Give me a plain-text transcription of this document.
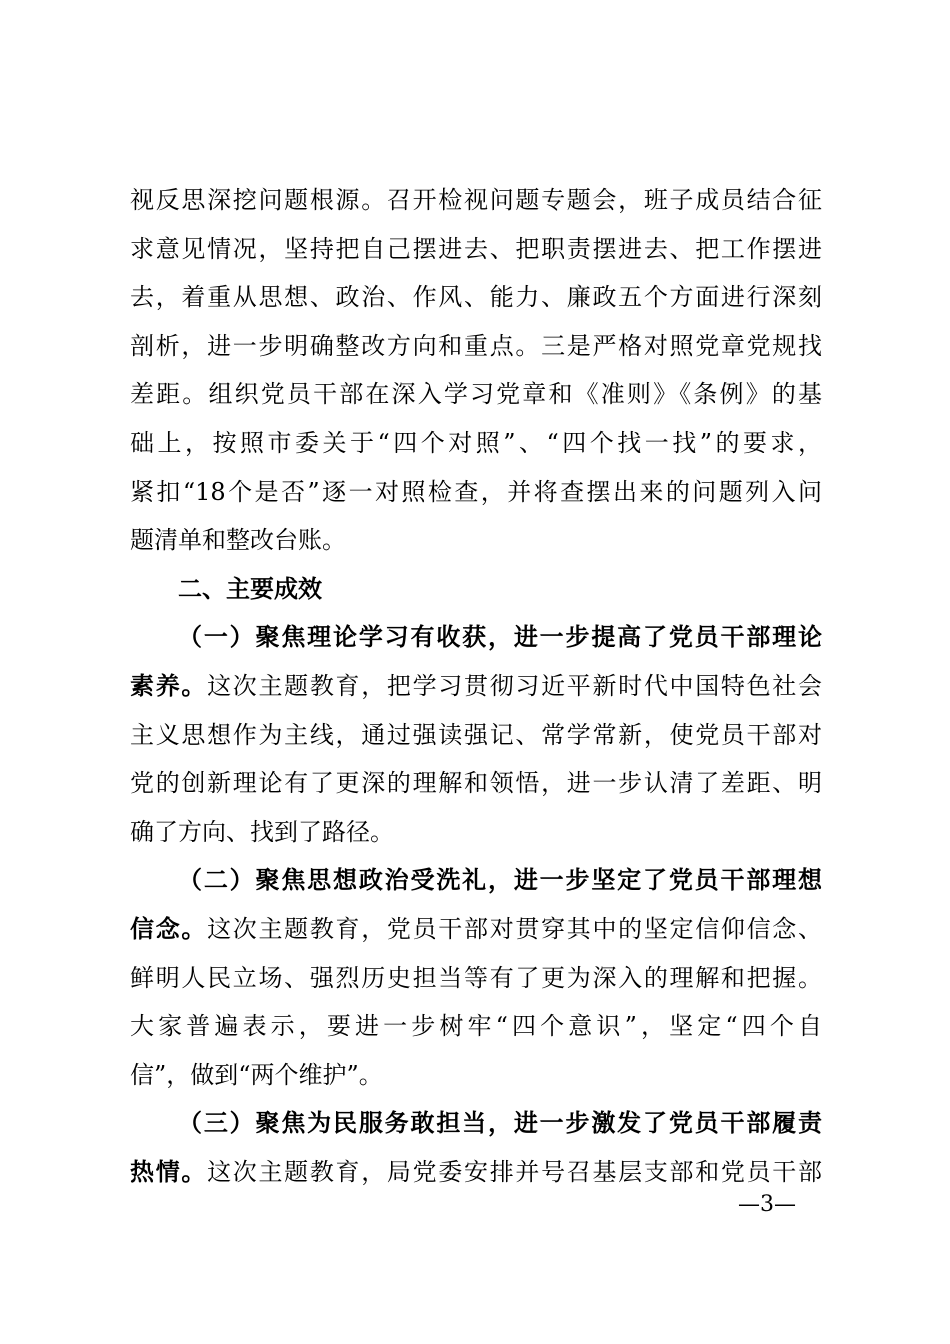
视反思深挖问题根源。召开检视问题专题会，班子成员结合征
求意见情况，坚持把自己摆进去、把职责摆进去、把工作摆进
去，着重从思想、政治、作风、能力、廉政五个方面进行深刻
剖析，进一步明确整改方向和重点。三是严格对照党章党规找
差距。组织党员干部在深入学习党章和《准则》《条例》的基
础上，按照市委关于“四个对照”、“四个找一找”的要求，
紧扣“18个是否”逐一对照检查，并将查摆出来的问题列入问
题清单和整改台账。
二、主要成效
（一）聚焦理论学习有收获，进一步提高了党员干部理论
素养。这次主题教育，把学习贯彻习近平新时代中国特色社会
主义思想作为主线，通过强读强记、常学常新，使党员干部对
党的创新理论有了更深的理解和领悟，进一步认清了差距、明
确了方向、找到了路径。
（二）聚焦思想政治受洗礼，进一步坚定了党员干部理想
信念。这次主题教育，党员干部对贯穿其中的坚定信仰信念、
鲜明人民立场、强烈历史担当等有了更为深入的理解和把握。
大家普遍表示，要进一步树牢“四个意识”，坚定“四个自
信”，做到“两个维护”。
（三）聚焦为民服务敢担当，进一步激发了党员干部履责
热情。这次主题教育，局党委安排并号召基层支部和党员干部
—3—
